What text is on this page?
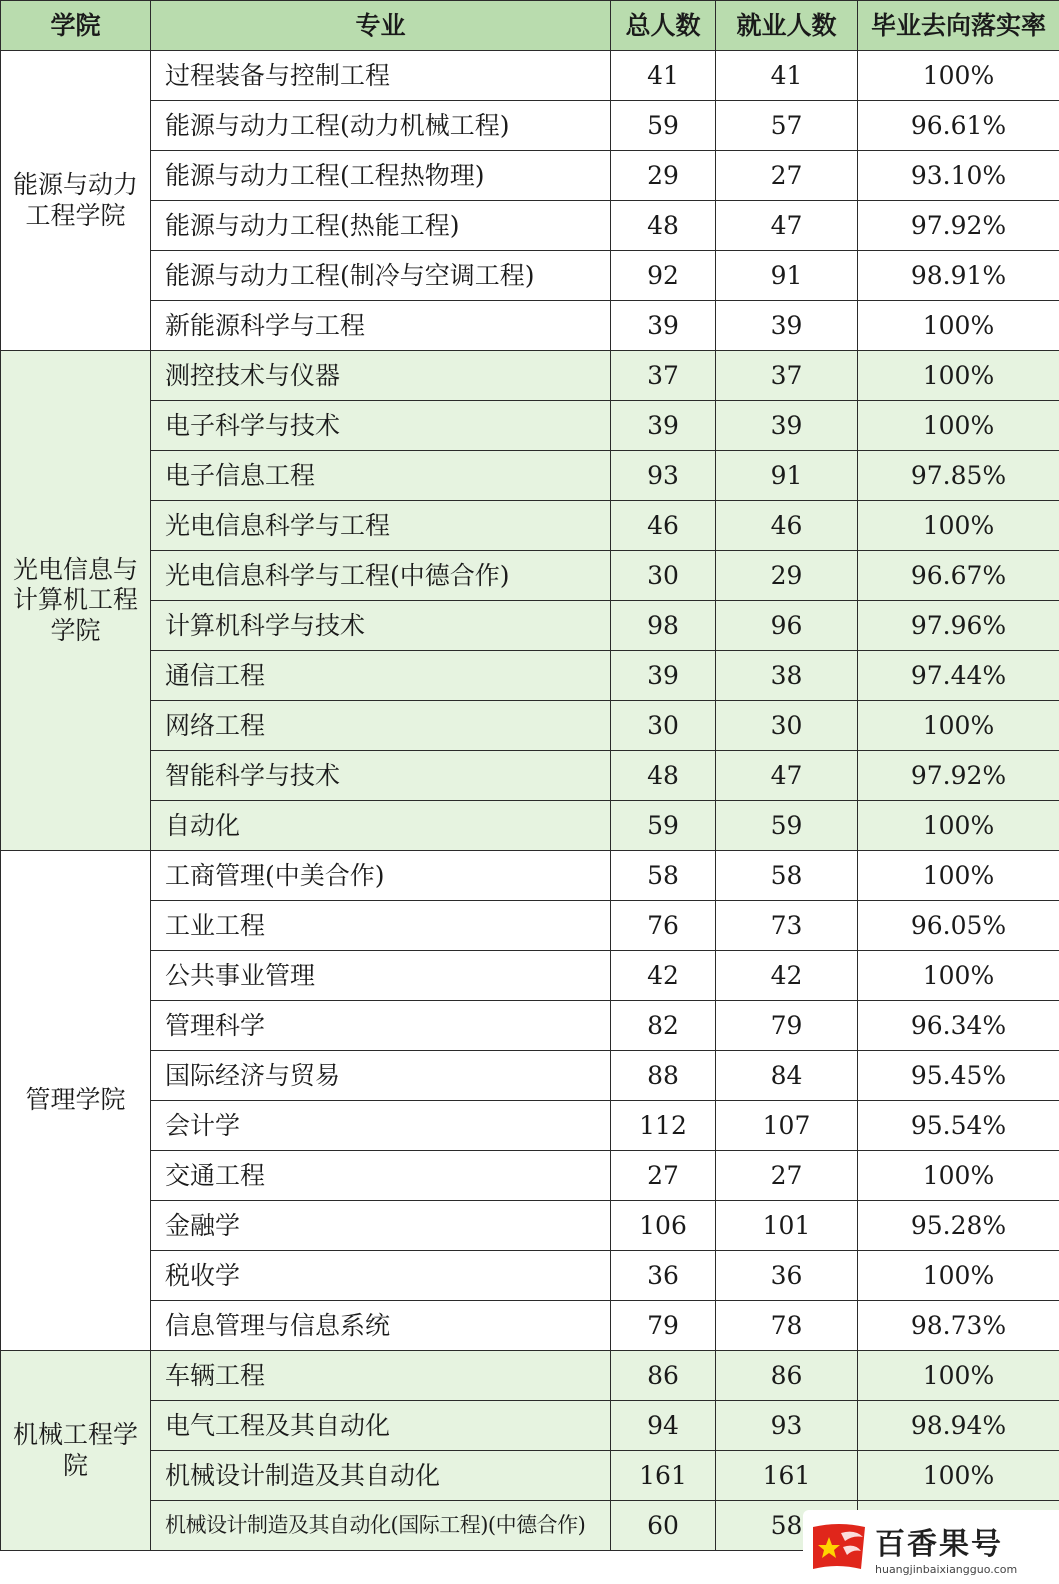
学院	专业	总人数	就业人数	毕业去向落实率
能源与动力工程学院	过程装备与控制工程	41	41	100%
	能源与动力工程(动力机械工程)	59	57	96.61%
	能源与动力工程(工程热物理)	29	27	93.10%
	能源与动力工程(热能工程)	48	47	97.92%
	能源与动力工程(制冷与空调工程)	92	91	98.91%
	新能源科学与工程	39	39	100%
光电信息与计算机工程学院	测控技术与仪器	37	37	100%
	电子科学与技术	39	39	100%
	电子信息工程	93	91	97.85%
	光电信息科学与工程	46	46	100%
	光电信息科学与工程(中德合作)	30	29	96.67%
	计算机科学与技术	98	96	97.96%
	通信工程	39	38	97.44%
	网络工程	30	30	100%
	智能科学与技术	48	47	97.92%
	自动化	59	59	100%
管理学院	工商管理(中美合作)	58	58	100%
	工业工程	76	73	96.05%
	公共事业管理	42	42	100%
	管理科学	82	79	96.34%
	国际经济与贸易	88	84	95.45%
	会计学	112	107	95.54%
	交通工程	27	27	100%
	金融学	106	101	95.28%
	税收学	36	36	100%
	信息管理与信息系统	79	78	98.73%
机械工程学院	车辆工程	86	86	100%
	电气工程及其自动化	94	93	98.94%
	机械设计制造及其自动化	161	161	100%
	机械设计制造及其自动化(国际工程)(中德合作)	60	58	
百香果号
huangjinbaixiangguo.com
